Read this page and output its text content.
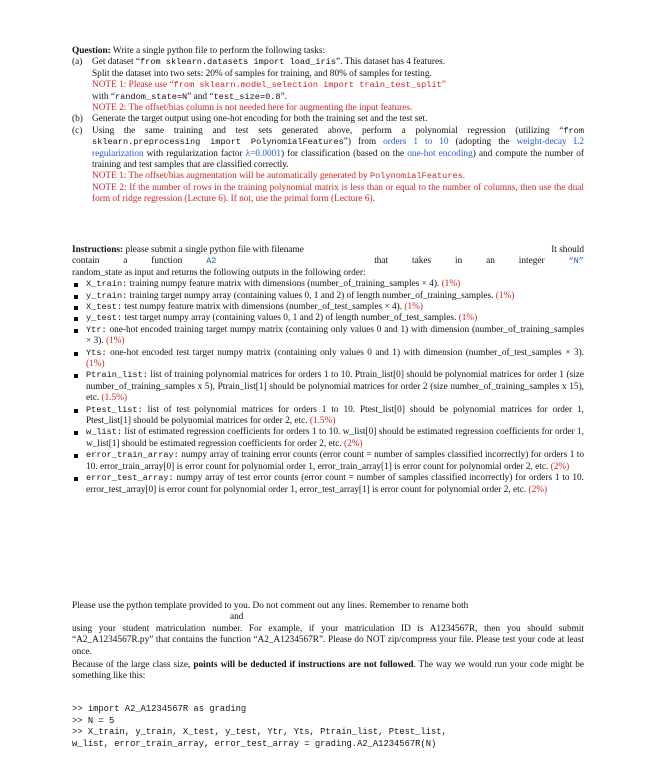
Question: Write a single python file to perform the following tasks:
(a) Get dataset “from sklearn.datasets import load_iris”. This dataset has 4 features.
Split the dataset into two sets: 20% of samples for training, and 80% of samples for testing.
NOTE 1: Please use “from sklearn.model_selection import train_test_split”
with “random_state=N” and “test_size=0.8”.
NOTE 2: The offset/bias column is not needed here for augmenting the input features.
(b) Generate the target output using one-hot encoding for both the training set and the test set.
(c) Using the same training and test sets generated above, perform a polynomial regression (utilizing “from sklearn.preprocessing import PolynomialFeatures”) from orders 1 to 10 (adopting the weight-decay L2 regularization with regularization factor λ=0.0001) for classification (based on the one-hot encoding) and compute the number of training and test samples that are classified correctly.
NOTE 1: The offset/bias augmentation will be automatically generated by PolynomialFeatures.
NOTE 2: If the number of rows in the training polynomial matrix is less than or equal to the number of columns, then use the dual form of ridge regression (Lecture 6). If not, use the primal form (Lecture 6).
Instructions: please submit a single python file with filename	It should
contain	a	function	A2	that	takes	in	an	integer	“N”
random_state as input and returns the following outputs in the following order:
X_train: training numpy feature matrix with dimensions (number_of_training_samples × 4). (1%)
y_train: training target numpy array (containing values 0, 1 and 2) of length number_of_training_samples. (1%)
X_test: test numpy feature matrix with dimensions (number_of_test_samples × 4). (1%)
y_test: test target numpy array (containing values 0, 1 and 2) of length number_of_test_samples. (1%)
Ytr: one-hot encoded training target numpy matrix (containing only values 0 and 1) with dimension (number_of_training_samples × 3). (1%)
Yts: one-hot encoded test target numpy matrix (containing only values 0 and 1) with dimension (number_of_test_samples × 3). (1%)
Ptrain_list: list of training polynomial matrices for orders 1 to 10. Ptrain_list[0] should be polynomial matrices for order 1 (size number_of_training_samples x 5), Ptrain_list[1] should be polynomial matrices for order 2 (size number_of_training_samples x 15), etc. (1.5%)
Ptest_list: list of test polynomial matrices for orders 1 to 10. Ptest_list[0] should be polynomial matrices for order 1, Ptest_list[1] should be polynomial matrices for order 2, etc. (1.5%)
w_list: list of estimated regression coefficients for orders 1 to 10. w_list[0] should be estimated regression coefficients for order 1, w_list[1] should be estimated regression coefficients for order 2, etc. (2%)
error_train_array: numpy array of training error counts (error count = number of samples classified incorrectly) for orders 1 to 10. error_train_array[0] is error count for polynomial order 1, error_train_array[1] is error count for polynomial order 2, etc. (2%)
error_test_array: numpy array of test error counts (error count = number of samples classified incorrectly) for orders 1 to 10. error_test_array[0] is error count for polynomial order 1, error_test_array[1] is error count for polynomial order 2, etc. (2%)
Please use the python template provided to you. Do not comment out any lines. Remember to rename both
and
using your student matriculation number. For example, if your matriculation ID is A1234567R, then you should submit “A2_A1234567R.py” that contains the function “A2_A1234567R”. Please do NOT zip/compress your file. Please test your code at least once.
Because of the large class size, points will be deducted if instructions are not followed. The way we would run your code might be something like this:
>> import A2_A1234567R as grading
>> N = 5
>> X_train, y_train, X_test, y_test, Ytr, Yts, Ptrain_list, Ptest_list,
w_list, error_train_array, error_test_array = grading.A2_A1234567R(N)
